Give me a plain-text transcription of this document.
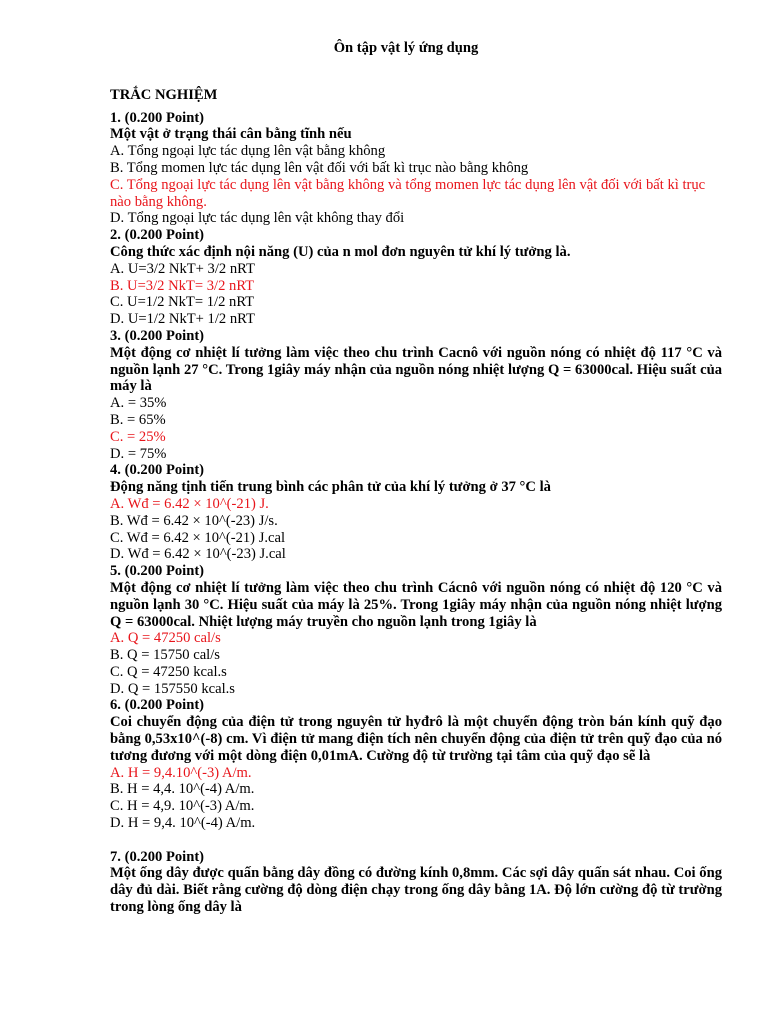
Ôn tập vật lý ứng dụng
TRẮC NGHIỆM
1. (0.200 Point)
Một vật ở trạng thái cân bằng tĩnh nếu
A. Tổng ngoại lực tác dụng lên vật bằng không
B. Tổng momen lực tác dụng lên vật đối với bất kì trục nào bằng không
C. Tổng ngoại lực tác dụng lên vật bằng không và tổng momen lực tác dụng lên vật đối với bất kì trục nào bằng không.
D. Tổng ngoại lực tác dụng lên vật không thay đổi
2. (0.200 Point)
Công thức xác định nội năng (U) của n mol đơn nguyên tử khí lý tưởng là.
A. U=3/2 NkT+ 3/2 nRT
B. U=3/2 NkT= 3/2 nRT
C. U=1/2 NkT= 1/2 nRT
D. U=1/2 NkT+ 1/2 nRT
3. (0.200 Point)
Một động cơ nhiệt lí tưởng làm việc theo chu trình Cacnô với nguồn nóng có nhiệt độ 117 °C và nguồn lạnh 27 °C. Trong 1giây máy nhận của nguồn nóng nhiệt lượng Q = 63000cal. Hiệu suất của máy là
A. = 35%
B. = 65%
C. = 25%
D. = 75%
4. (0.200 Point)
Động năng tịnh tiến trung bình các phân tử của khí lý tưởng ở 37 °C là
A. Wđ = 6.42 × 10^(-21) J.
B. Wđ = 6.42 × 10^(-23) J/s.
C. Wđ = 6.42 × 10^(-21) J.cal
D. Wđ = 6.42 × 10^(-23) J.cal
5. (0.200 Point)
Một động cơ nhiệt lí tưởng làm việc theo chu trình Cácnô với nguồn nóng có nhiệt độ 120 °C và nguồn lạnh 30 °C. Hiệu suất của máy là 25%. Trong 1giây máy nhận của nguồn nóng nhiệt lượng Q = 63000cal. Nhiệt lượng máy truyền cho nguồn lạnh trong 1giây là
A. Q = 47250 cal/s
B. Q = 15750 cal/s
C. Q = 47250 kcal.s
D. Q = 157550 kcal.s
6. (0.200 Point)
Coi chuyển động của điện tử trong nguyên tử hyđrô là một chuyển động tròn bán kính quỹ đạo bằng 0,53x10^(-8) cm. Vì điện tử mang điện tích nên chuyển động của điện tử trên quỹ đạo của nó tương đương với một dòng điện 0,01mA. Cường độ từ trường tại tâm của quỹ đạo sẽ là
A. H = 9,4.10^(-3) A/m.
B. H = 4,4. 10^(-4) A/m.
C. H = 4,9. 10^(-3) A/m.
D. H = 9,4. 10^(-4) A/m.
7. (0.200 Point)
Một ống dây được quấn bằng dây đồng có đường kính 0,8mm. Các sợi dây quấn sát nhau. Coi ống dây đủ dài. Biết rằng cường độ dòng điện chạy trong ống dây bằng 1A. Độ lớn cường độ từ trường trong lòng ống dây là
